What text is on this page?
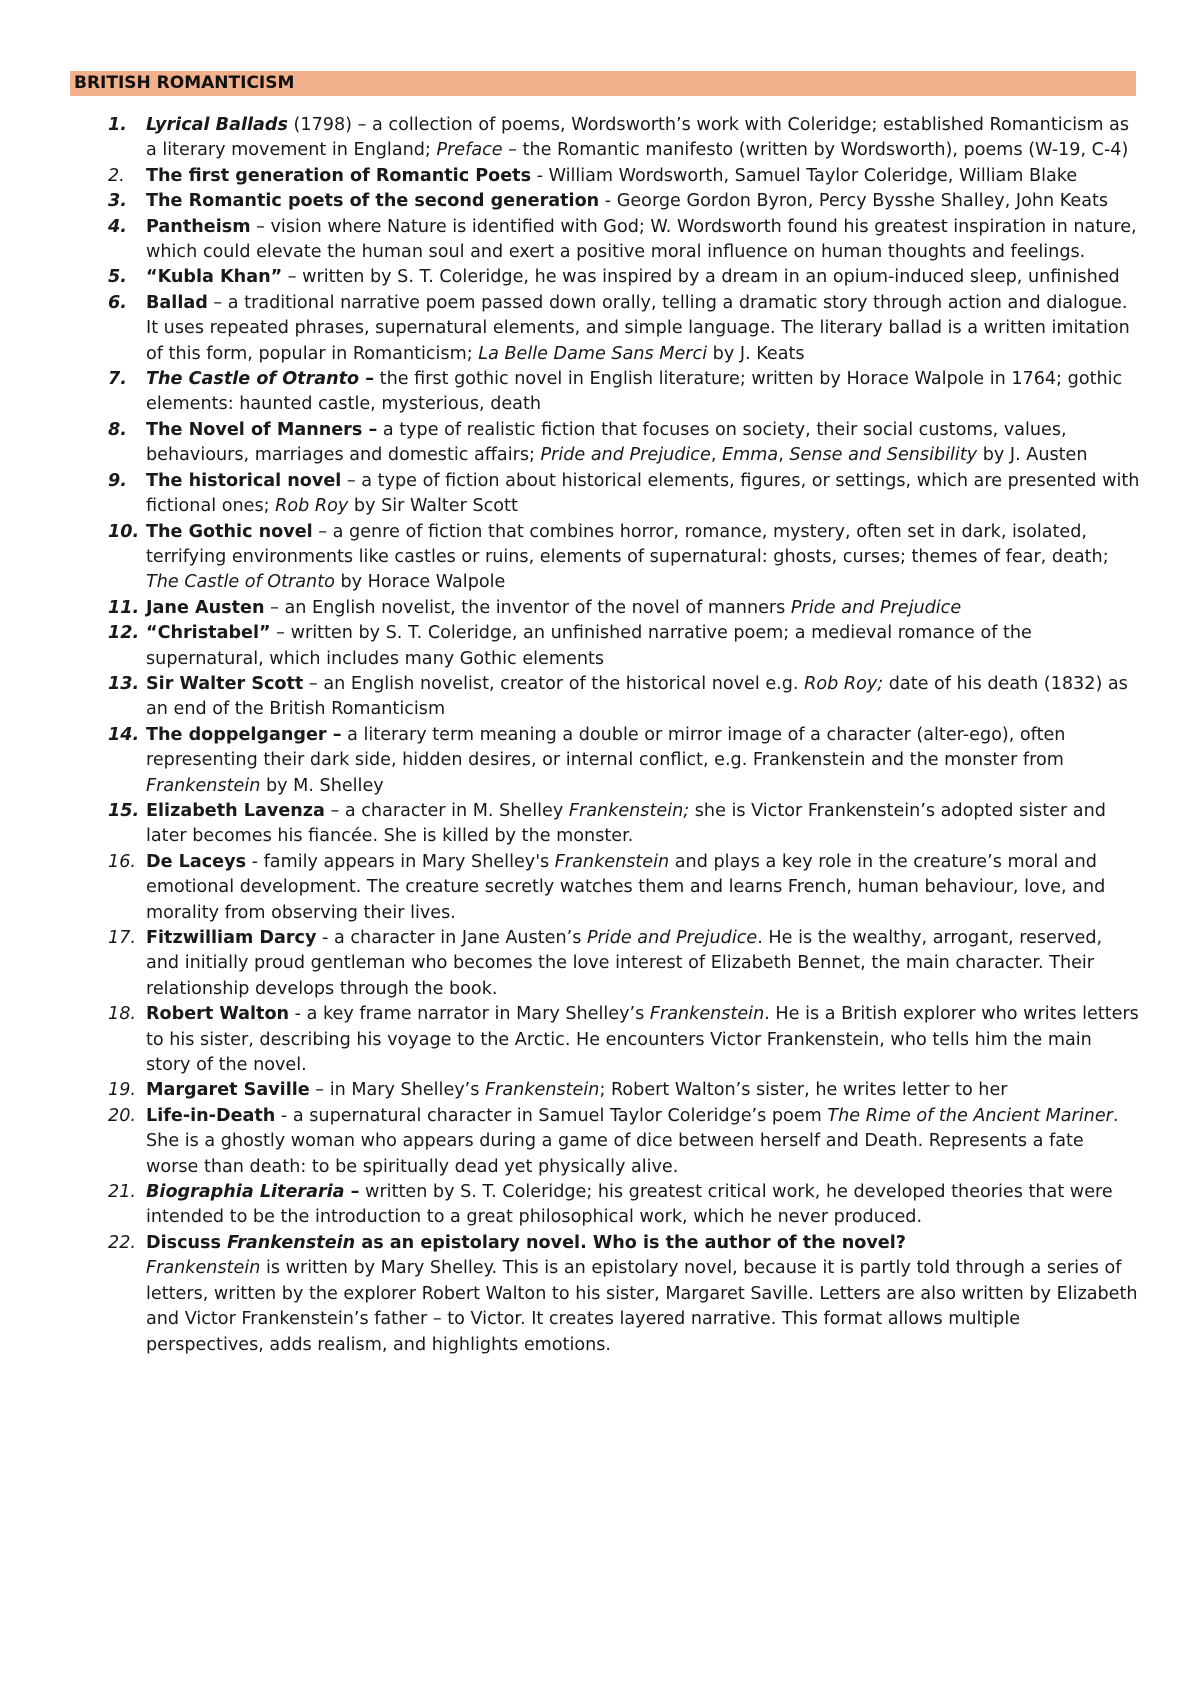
BRITISH ROMANTICISM
1.	Lyrical Ballads (1798) – a collection of poems, Wordsworth’s work with Coleridge; established Romanticism as a literary movement in England; Preface – the Romantic manifesto (written by Wordsworth), poems (W-19, C-4)
2.	The first generation of Romantic Poets - William Wordsworth, Samuel Taylor Coleridge, William Blake
3.	The Romantic poets of the second generation - George Gordon Byron, Percy Bysshe Shalley, John Keats
4.	Pantheism – vision where Nature is identified with God; W. Wordsworth found his greatest inspiration in nature, which could elevate the human soul and exert a positive moral influence on human thoughts and feelings.
5.	“Kubla Khan” – written by S. T. Coleridge, he was inspired by a dream in an opium-induced sleep, unfinished
6.	Ballad – a traditional narrative poem passed down orally, telling a dramatic story through action and dialogue. It uses repeated phrases, supernatural elements, and simple language. The literary ballad is a written imitation of this form, popular in Romanticism; La Belle Dame Sans Merci by J. Keats
7.	The Castle of Otranto – the first gothic novel in English literature; written by Horace Walpole in 1764; gothic elements: haunted castle, mysterious, death
8.	The Novel of Manners – a type of realistic fiction that focuses on society, their social customs, values, behaviours, marriages and domestic affairs; Pride and Prejudice, Emma, Sense and Sensibility by J. Austen
9.	The historical novel – a type of fiction about historical elements, figures, or settings, which are presented with fictional ones; Rob Roy by Sir Walter Scott
10. The Gothic novel – a genre of fiction that combines horror, romance, mystery, often set in dark, isolated, terrifying environments like castles or ruins, elements of supernatural: ghosts, curses; themes of fear, death; The Castle of Otranto by Horace Walpole
11. Jane Austen – an English novelist, the inventor of the novel of manners Pride and Prejudice
12. “Christabel” – written by S. T. Coleridge, an unfinished narrative poem; a medieval romance of the supernatural, which includes many Gothic elements
13. Sir Walter Scott – an English novelist, creator of the historical novel e.g. Rob Roy; date of his death (1832) as an end of the British Romanticism
14. The doppelganger – a literary term meaning a double or mirror image of a character (alter-ego), often representing their dark side, hidden desires, or internal conflict, e.g. Frankenstein and the monster from Frankenstein by M. Shelley
15. Elizabeth Lavenza – a character in M. Shelley Frankenstein; she is Victor Frankenstein’s adopted sister and later becomes his fiancée. She is killed by the monster.
16. De Laceys - family appears in Mary Shelley's Frankenstein and plays a key role in the creature’s moral and emotional development. The creature secretly watches them and learns French, human behaviour, love, and morality from observing their lives.
17. Fitzwilliam Darcy - a character in Jane Austen’s Pride and Prejudice. He is the wealthy, arrogant, reserved, and initially proud gentleman who becomes the love interest of Elizabeth Bennet, the main character. Their relationship develops through the book.
18. Robert Walton - a key frame narrator in Mary Shelley’s Frankenstein. He is a British explorer who writes letters to his sister, describing his voyage to the Arctic. He encounters Victor Frankenstein, who tells him the main story of the novel.
19. Margaret Saville – in Mary Shelley’s Frankenstein; Robert Walton’s sister, he writes letter to her
20. Life-in-Death - a supernatural character in Samuel Taylor Coleridge’s poem The Rime of the Ancient Mariner. She is a ghostly woman who appears during a game of dice between herself and Death. Represents a fate worse than death: to be spiritually dead yet physically alive.
21. Biographia Literaria – written by S. T. Coleridge; his greatest critical work, he developed theories that were intended to be the introduction to a great philosophical work, which he never produced.
22. Discuss Frankenstein as an epistolary novel. Who is the author of the novel?
Frankenstein is written by Mary Shelley. This is an epistolary novel, because it is partly told through a series of letters, written by the explorer Robert Walton to his sister, Margaret Saville. Letters are also written by Elizabeth and Victor Frankenstein’s father – to Victor. It creates layered narrative. This format allows multiple perspectives, adds realism, and highlights emotions.
